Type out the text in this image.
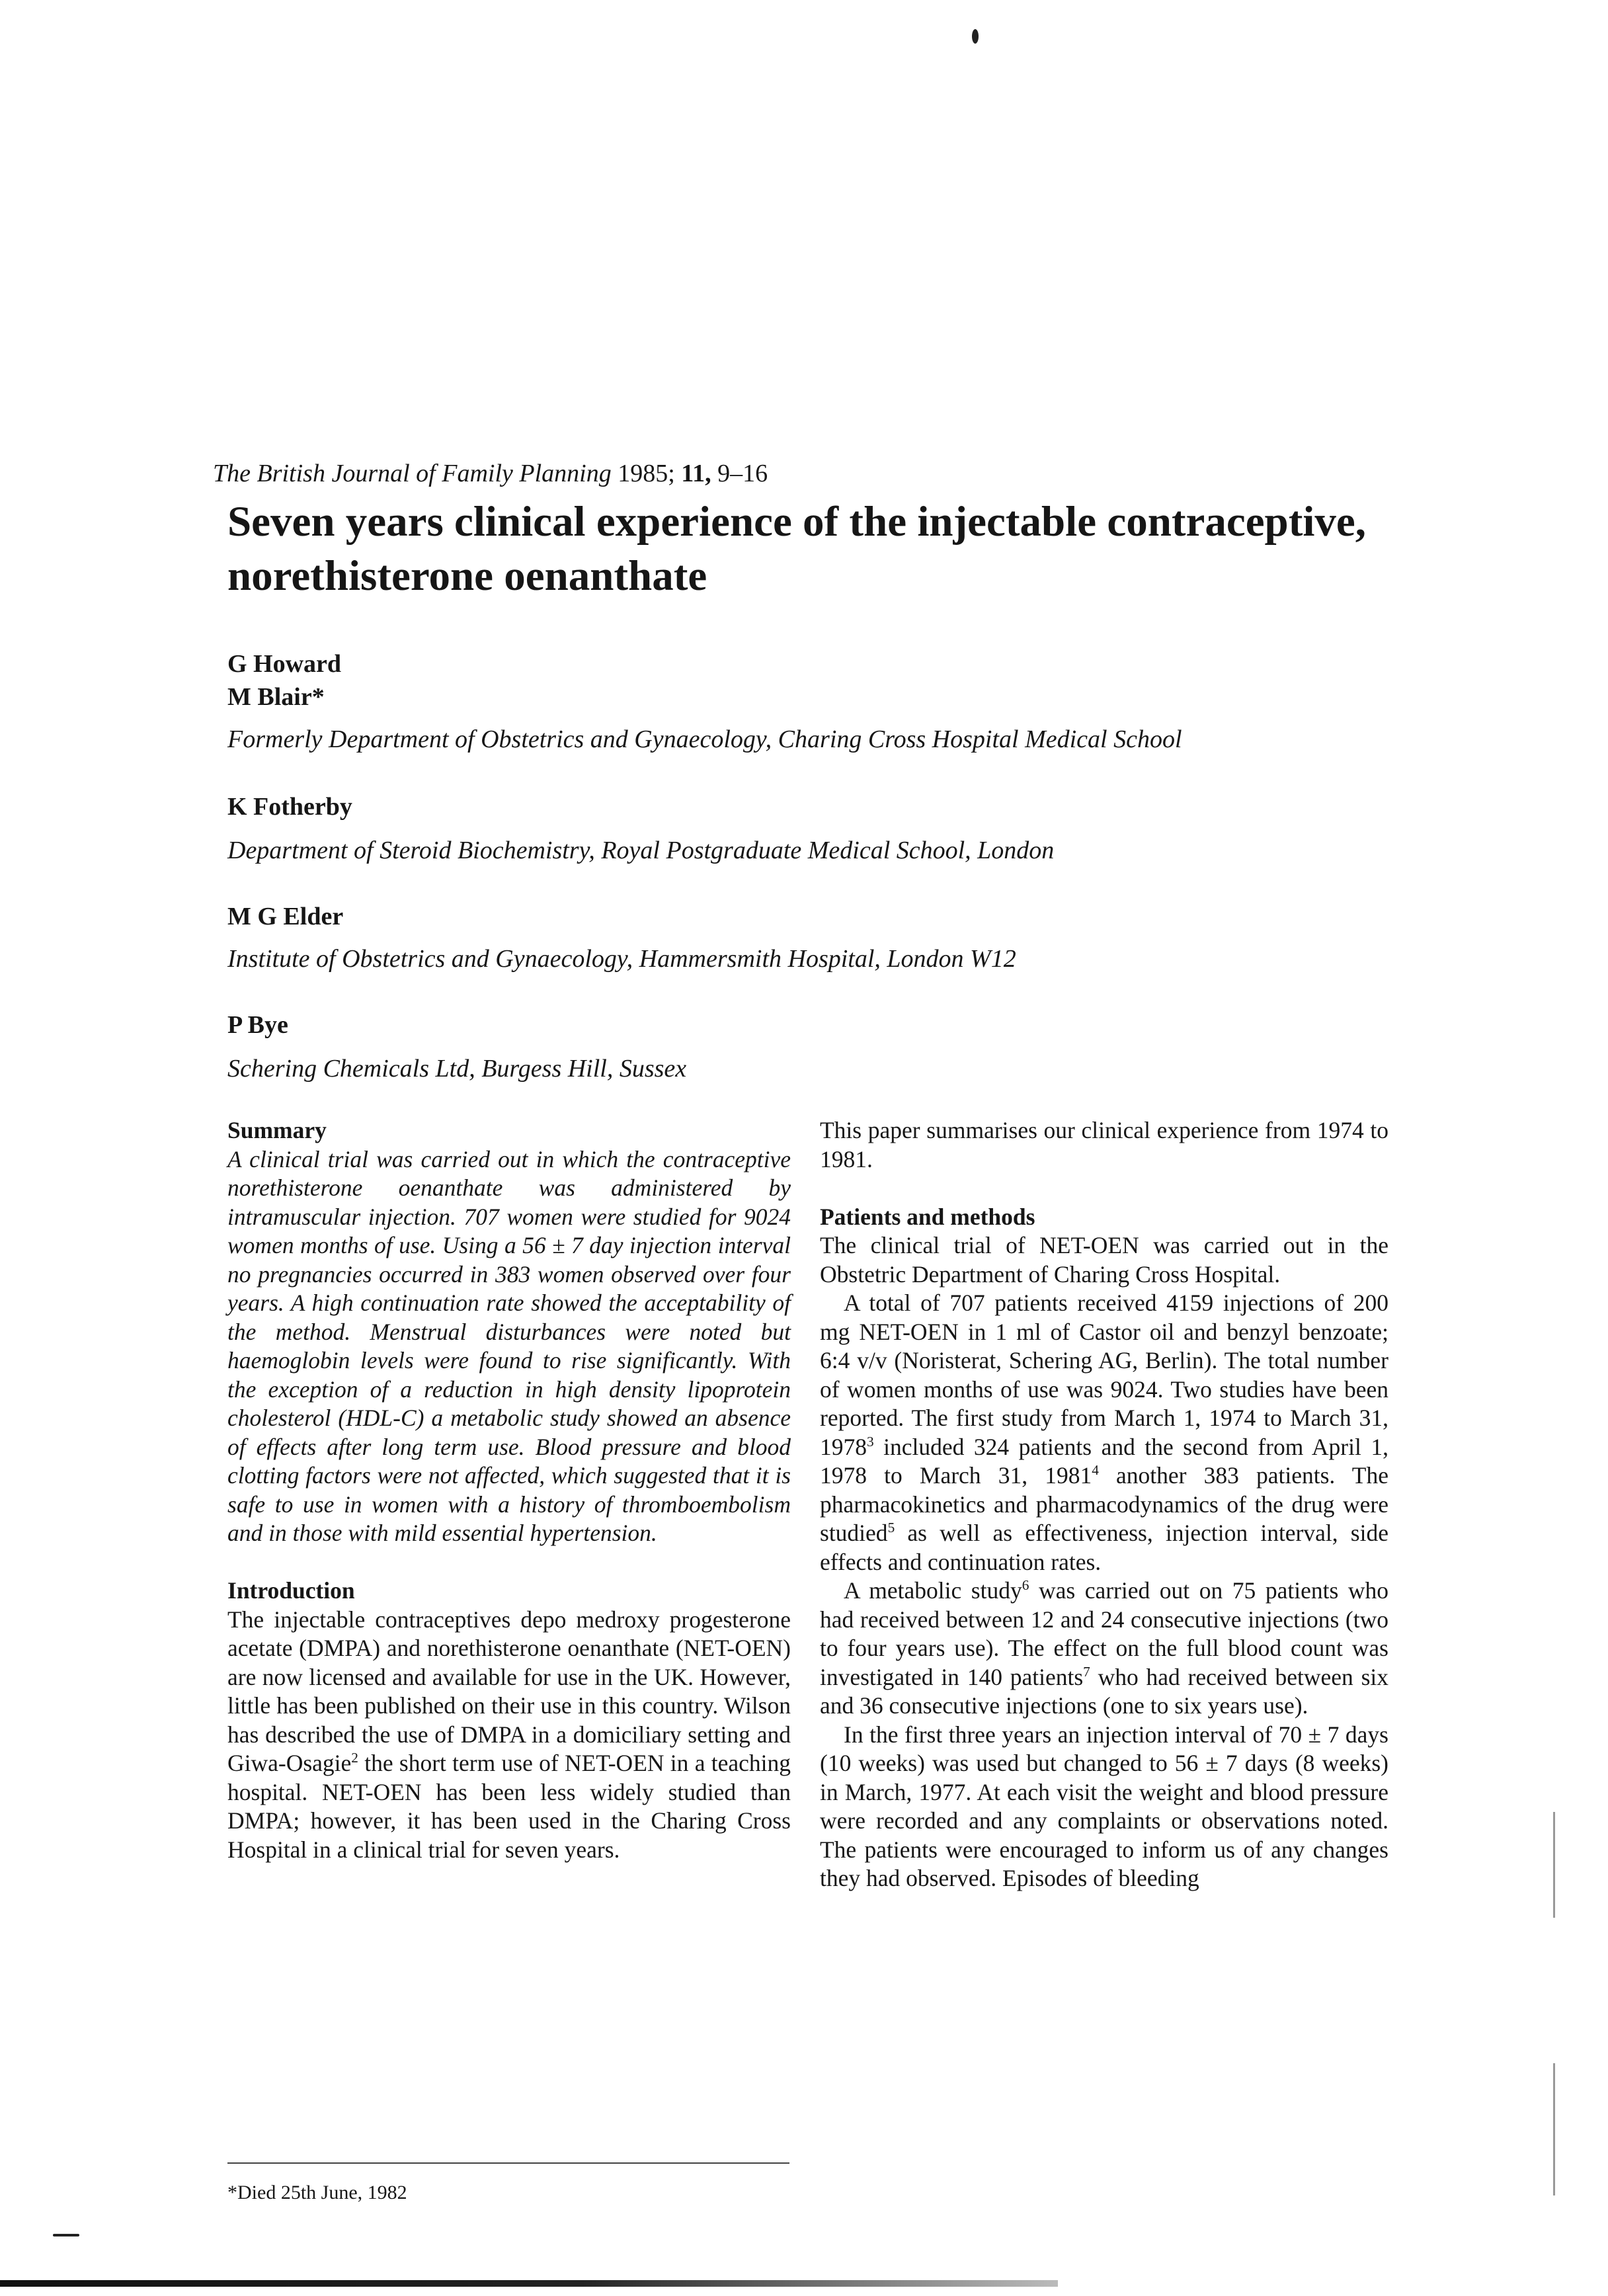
The British Journal of Family Planning 1985; 11, 9–16
Seven years clinical experience of the injectable contraceptive, norethisterone oenanthate
G Howard
M Blair*
Formerly Department of Obstetrics and Gynaecology, Charing Cross Hospital Medical School
K Fotherby
Department of Steroid Biochemistry, Royal Postgraduate Medical School, London
M G Elder
Institute of Obstetrics and Gynaecology, Hammersmith Hospital, London W12
P Bye
Schering Chemicals Ltd, Burgess Hill, Sussex
Summary

A clinical trial was carried out in which the contraceptive norethisterone oenanthate was administered by intramuscular injection. 707 women were studied for 9024 women months of use. Using a 56 ± 7 day injection interval no pregnancies occurred in 383 women observed over four years. A high continuation rate showed the acceptability of the method. Menstrual disturbances were noted but haemoglobin levels were found to rise significantly. With the exception of a reduction in high density lipoprotein cholesterol (HDL-C) a metabolic study showed an absence of effects after long term use. Blood pressure and blood clotting factors were not affected, which suggested that it is safe to use in women with a history of thromboembolism and in those with mild essential hypertension.

Introduction

The injectable contraceptives depo medroxy progesterone acetate (DMPA) and norethisterone oenanthate (NET-OEN) are now licensed and available for use in the UK. However, little has been published on their use in this country. Wilson has described the use of DMPA in a domiciliary setting and Giwa-Osagie$^2$ the short term use of NET-OEN in a teaching hospital. NET-OEN has been less widely studied than DMPA; however, it has been used in the Charing Cross Hospital in a clinical trial for seven years.

*Died 25th June, 1982

This paper summarises our clinical experience from 1974 to 1981.

Patients and methods

The clinical trial of NET-OEN was carried out in the Obstetric Department of Charing Cross Hospital.

A total of 707 patients received 4159 injections of 200 mg NET-OEN in 1 ml of Castor oil and benzyl benzoate; 6:4 v/v (Noristerat, Schering AG, Berlin). The total number of women months of use was 9024. Two studies have been reported. The first study from March 1, 1974 to March 31, 1978$^3$ included 324 patients and the second from April 1, 1978 to March 31, 1981$^4$ another 383 patients. The pharmacokinetics and pharmacodynamics of the drug were studied$^5$ as well as effectiveness, injection interval, side effects and continuation rates.

A metabolic study$^6$ was carried out on 75 patients who had received between 12 and 24 consecutive injections (two to four years use). The effect on the full blood count was investigated in 140 patients$^7$ who had received between six and 36 consecutive injections (one to six years use).

In the first three years an injection interval of 70 ± 7 days (10 weeks) was used but changed to 56 ± 7 days (8 weeks) in March, 1977. At each visit the weight and blood pressure were recorded and any complaints or observations noted. The patients were encouraged to inform us of any changes they had observed. Episodes of bleeding
